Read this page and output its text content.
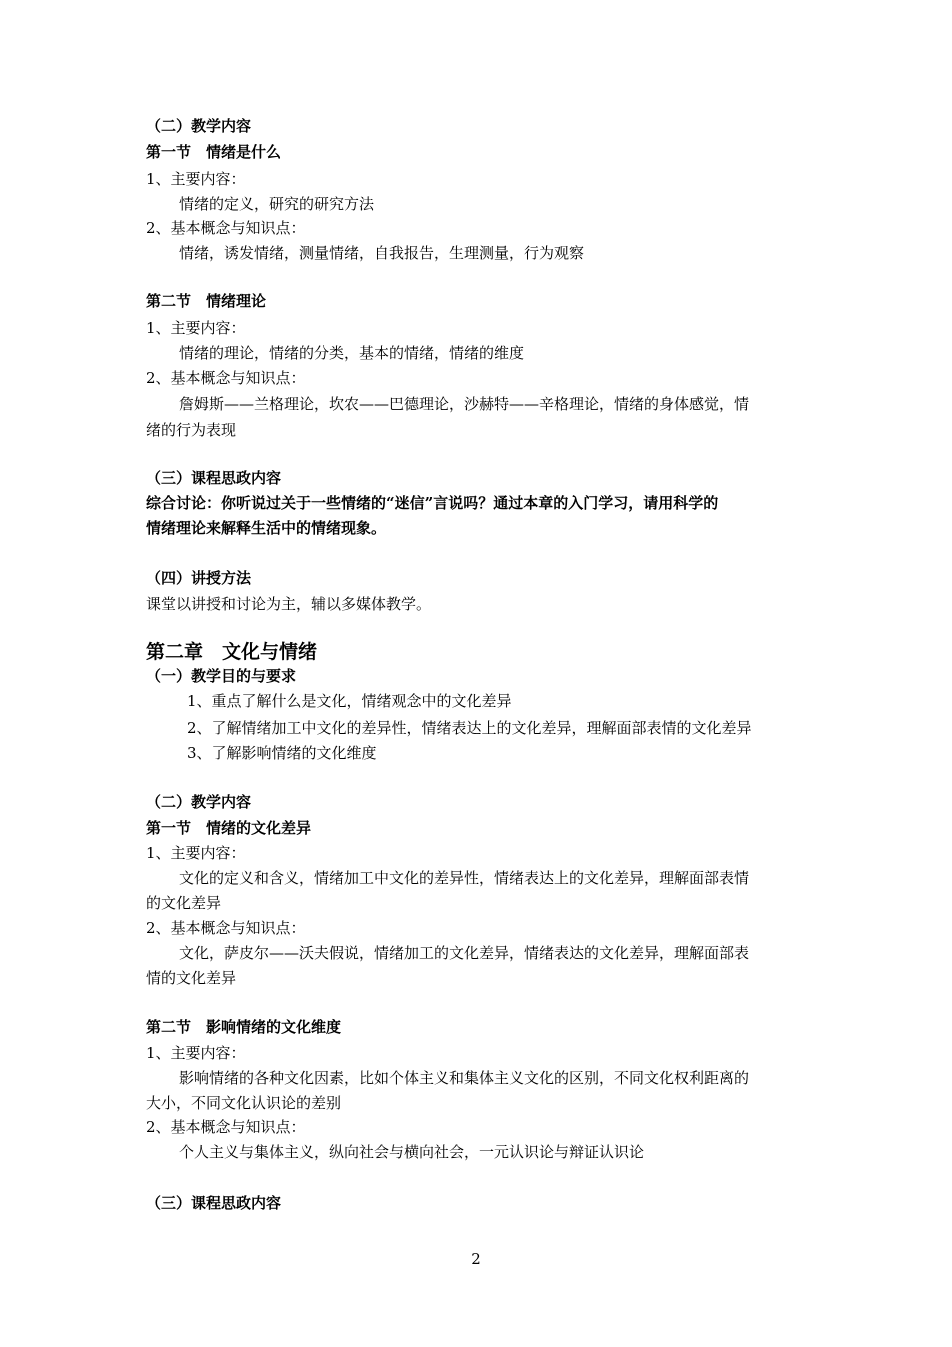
（二）教学内容

第一节　情绪是什么

1、主要内容：

情绪的定义，研究的研究方法

2、基本概念与知识点：

情绪，诱发情绪，测量情绪，自我报告，生理测量，行为观察

第二节　情绪理论

1、主要内容：

情绪的理论，情绪的分类，基本的情绪，情绪的维度

2、基本概念与知识点：

詹姆斯——兰格理论，坎农——巴德理论，沙赫特——辛格理论，情绪的身体感觉，情

绪的行为表现

（三）课程思政内容

综合讨论：你听说过关于一些情绪的“迷信”言说吗？通过本章的入门学习，请用科学的

情绪理论来解释生活中的情绪现象。

（四）讲授方法

课堂以讲授和讨论为主，辅以多媒体教学。

第二章　文化与情绪

（一）教学目的与要求

1、重点了解什么是文化，情绪观念中的文化差异

2、了解情绪加工中文化的差异性，情绪表达上的文化差异，理解面部表情的文化差异

3、了解影响情绪的文化维度

（二）教学内容

第一节　情绪的文化差异

1、主要内容：

文化的定义和含义，情绪加工中文化的差异性，情绪表达上的文化差异，理解面部表情

的文化差异

2、基本概念与知识点：

文化，萨皮尔——沃夫假说，情绪加工的文化差异，情绪表达的文化差异，理解面部表

情的文化差异

第二节　影响情绪的文化维度

1、主要内容：

影响情绪的各种文化因素，比如个体主义和集体主义文化的区别，不同文化权利距离的

大小，不同文化认识论的差别

2、基本概念与知识点：

个人主义与集体主义，纵向社会与横向社会，一元认识论与辩证认识论

（三）课程思政内容

2
